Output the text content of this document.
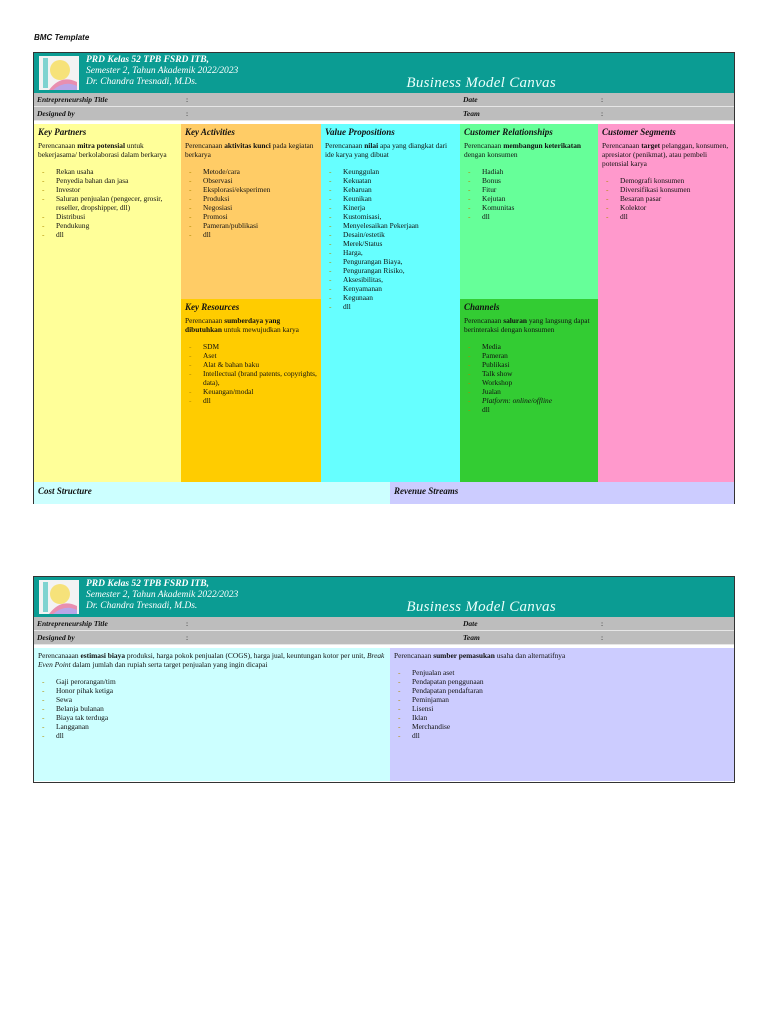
BMC Template
PRD Kelas 52 TPB FSRD ITB,
Semester 2, Tahun Akademik 2022/2023
Dr. Chandra Tresnadi, M.Ds.	Business Model Canvas
Entrepreneurship Title	:	Date	:
Designed by	:	Team	:
Key Partners

Perencanaan mitra potensial untuk bekerjasama/ berkolaborasi dalam berkarya

- Rekan usaha
- Penyedia bahan dan jasa
- Investor
- Saluran penjualan (pengecer, grosir, reseller, dropshipper, dll)
- Distribusi
- Pendukung
- dll
Key Activities

Perencanaan aktivitas kunci pada kegiatan berkarya

- Metode/cara
- Observasi
- Eksplorasi/eksperimen
- Produksi
- Negosiasi
- Promosi
- Pameran/publikasi
- dll
Key Resources

Perencanaan sumberdaya yang dibutuhkan untuk mewujudkan karya

- SDM
- Aset
- Alat & bahan baku
- Intellectual (brand patents, copyrights, data),
- Keuangan/modal
- dll
Value Propositions

Perencanaan nilai apa yang diangkat dari ide karya yang dibuat

- Keunggulan
- Kekuatan
- Kebaruan
- Keunikan
- Kinerja
- Kustomisasi,
- Menyelesaikan Pekerjaan
- Desain/estetik
- Merek/Status
- Harga,
- Pengurangan Biaya,
- Pengurangan Risiko,
- Aksesibilitas,
- Kenyamanan
- Kegunaan
- dll
Customer Relationships

Perencanaan membangun keterikatan dengan konsumen

- Hadiah
- Bonus
- Fitur
- Kejutan
- Komunitas
- dll
Channels

Perencanaan saluran yang langsung dapat berinteraksi dengan konsumen

- Media
- Pameran
- Publikasi
- Talk show
- Workshop
- Jualan
- Platform: online/offline
- dll
Customer Segments

Perencanaan target pelanggan, konsumen, apresiator (penikmat), atau pembeli potensial karya

- Demografi konsumen
- Diversifikasi konsumen
- Besaran pasar
- Kolektor
- dll
Cost Structure	Revenue Streams
PRD Kelas 52 TPB FSRD ITB,
Semester 2, Tahun Akademik 2022/2023
Dr. Chandra Tresnadi, M.Ds.	Business Model Canvas
Entrepreneurship Title	:	Date	:
Designed by	:	Team	:

Perencanaaan estimasi biaya produksi, harga pokok penjualan (COGS), harga jual, keuntungan kotor per unit, Break Even Point dalam jumlah dan rupiah serta target penjualan yang ingin dicapai

- Gaji perorangan/tim
- Honor pihak ketiga
- Sewa
- Belanja bulanan
- Biaya tak terduga
- Langganan
- dll

Perencanaan sumber pemasukan usaha dan alternatifnya

- Penjualan aset
- Pendapatan penggunaan
- Pendapatan pendaftaran
- Peminjaman
- Lisensi
- Iklan
- Merchandise
- dll
